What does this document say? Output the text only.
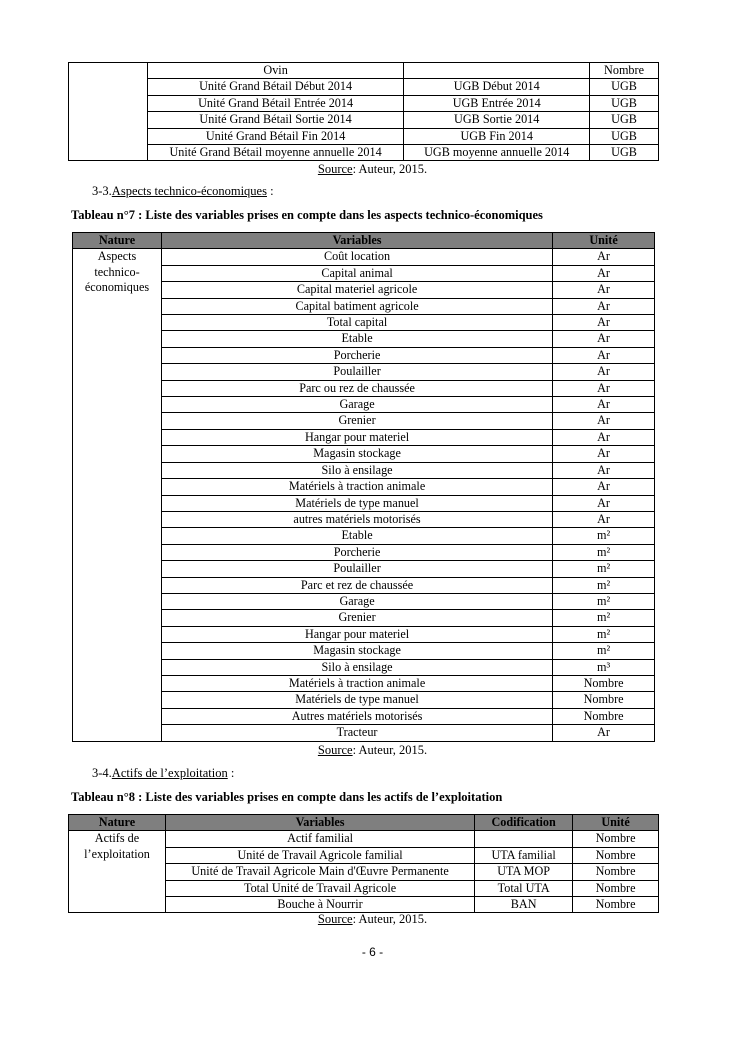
	Ovin		Nombre
	Unité Grand Bétail Début 2014	UGB Début 2014	UGB
	Unité Grand Bétail Entrée 2014	UGB Entrée 2014	UGB
	Unité Grand Bétail Sortie 2014	UGB Sortie 2014	UGB
	Unité Grand Bétail Fin 2014	UGB Fin 2014	UGB
	Unité Grand Bétail moyenne annuelle 2014	UGB moyenne annuelle 2014	UGB
Source: Auteur, 2015.
3-3.Aspects technico-économiques :
Tableau n°7 : Liste des variables prises en compte dans les aspects technico-économiques
Nature	Variables	Unité
Aspects technico-économiques	Coût location	Ar
	Capital animal	Ar
	Capital materiel agricole	Ar
	Capital batiment agricole	Ar
	Total capital	Ar
	Etable	Ar
	Porcherie	Ar
	Poulailler	Ar
	Parc ou rez de chaussée	Ar
	Garage	Ar
	Grenier	Ar
	Hangar pour materiel	Ar
	Magasin stockage	Ar
	Silo à ensilage	Ar
	Matériels à traction animale	Ar
	Matériels de type manuel	Ar
	autres matériels motorisés	Ar
	Etable	m²
	Porcherie	m²
	Poulailler	m²
	Parc et rez de chaussée	m²
	Garage	m²
	Grenier	m²
	Hangar pour materiel	m²
	Magasin stockage	m²
	Silo à ensilage	m³
	Matériels à traction animale	Nombre
	Matériels de type manuel	Nombre
	Autres matériels motorisés	Nombre
	Tracteur	Ar
Source: Auteur, 2015.
3-4.Actifs de l’exploitation :
Tableau n°8 : Liste des variables prises en compte dans les actifs de l’exploitation
Nature	Variables	Codification	Unité
Actifs de l’exploitation	Actif familial		Nombre
	Unité de Travail Agricole familial	UTA familial	Nombre
	Unité de Travail Agricole Main d'Œuvre Permanente	UTA MOP	Nombre
	Total Unité de Travail Agricole	Total UTA	Nombre
	Bouche à Nourrir	BAN	Nombre
Source: Auteur, 2015.
- 6 -
